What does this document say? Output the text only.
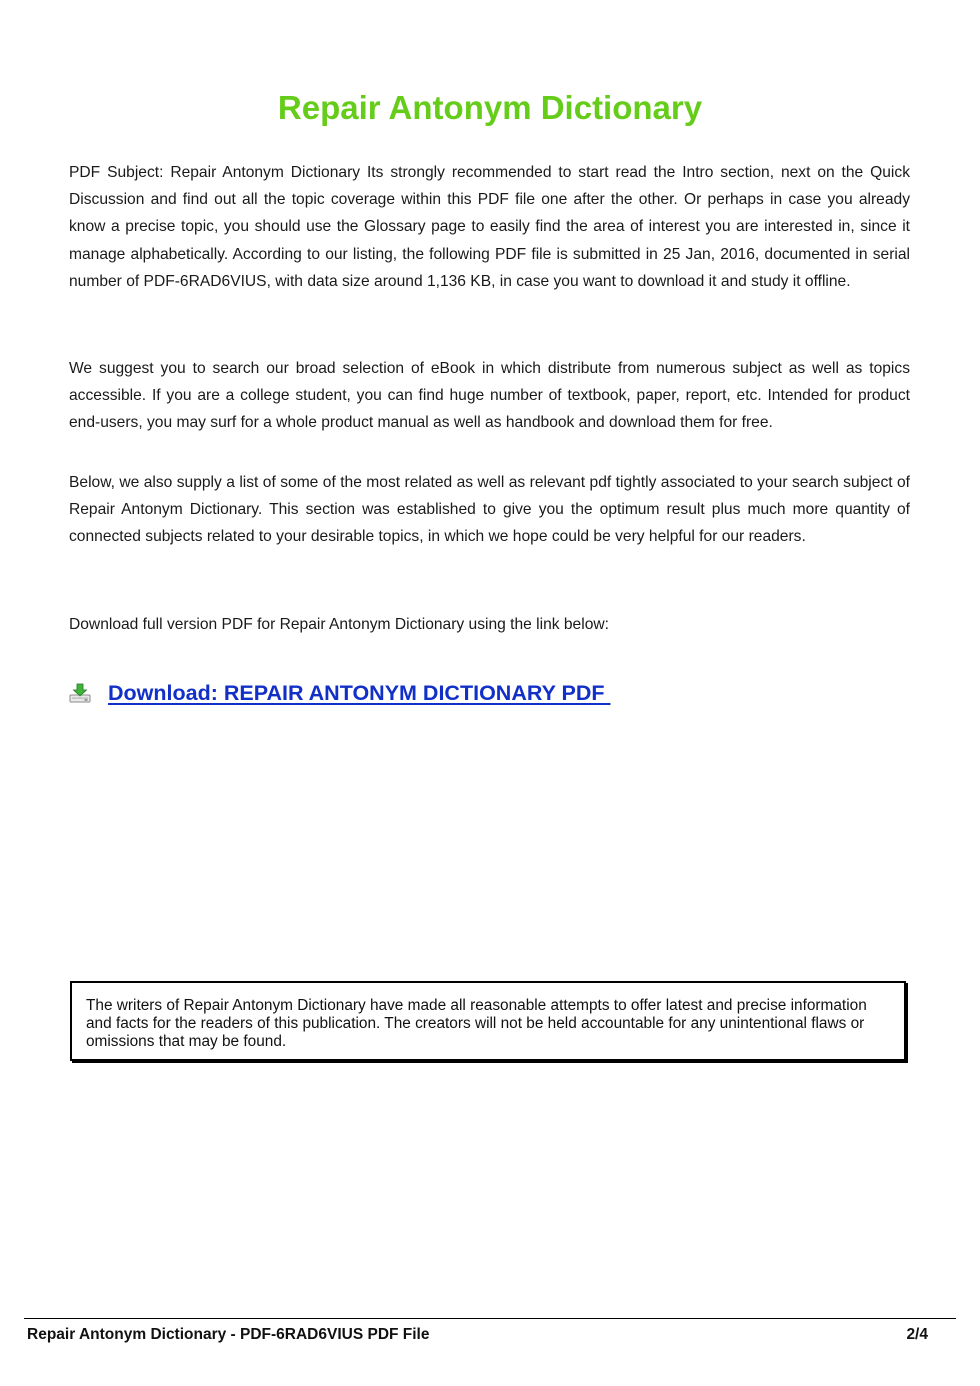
Repair Antonym Dictionary

PDF Subject: Repair Antonym Dictionary Its strongly recommended to start read the Intro section, next on the Quick Discussion and find out all the topic coverage within this PDF file one after the other. Or perhaps in case you already know a precise topic, you should use the Glossary page to easily find the area of interest you are interested in, since it manage alphabetically. According to our listing, the following PDF file is submitted in 25 Jan, 2016, documented in serial number of PDF-6RAD6VIUS, with data size around 1,136 KB, in case you want to download it and study it offline.

We suggest you to search our broad selection of eBook in which distribute from numerous subject as well as topics accessible. If you are a college student, you can find huge number of textbook, paper, report, etc. Intended for product end-users, you may surf for a whole product manual as well as handbook and download them for free.

Below, we also supply a list of some of the most related as well as relevant pdf tightly associated to your search subject of Repair Antonym Dictionary. This section was established to give you the optimum result plus much more quantity of connected subjects related to your desirable topics, in which we hope could be very helpful for our readers.

Download full version PDF for Repair Antonym Dictionary using the link below:

Download: REPAIR ANTONYM DICTIONARY PDF
The writers of Repair Antonym Dictionary have made all reasonable attempts to offer latest and precise information and facts for the readers of this publication. The creators will not be held accountable for any unintentional flaws or omissions that may be found.
Repair Antonym Dictionary - PDF-6RAD6VIUS PDF File	2/4
